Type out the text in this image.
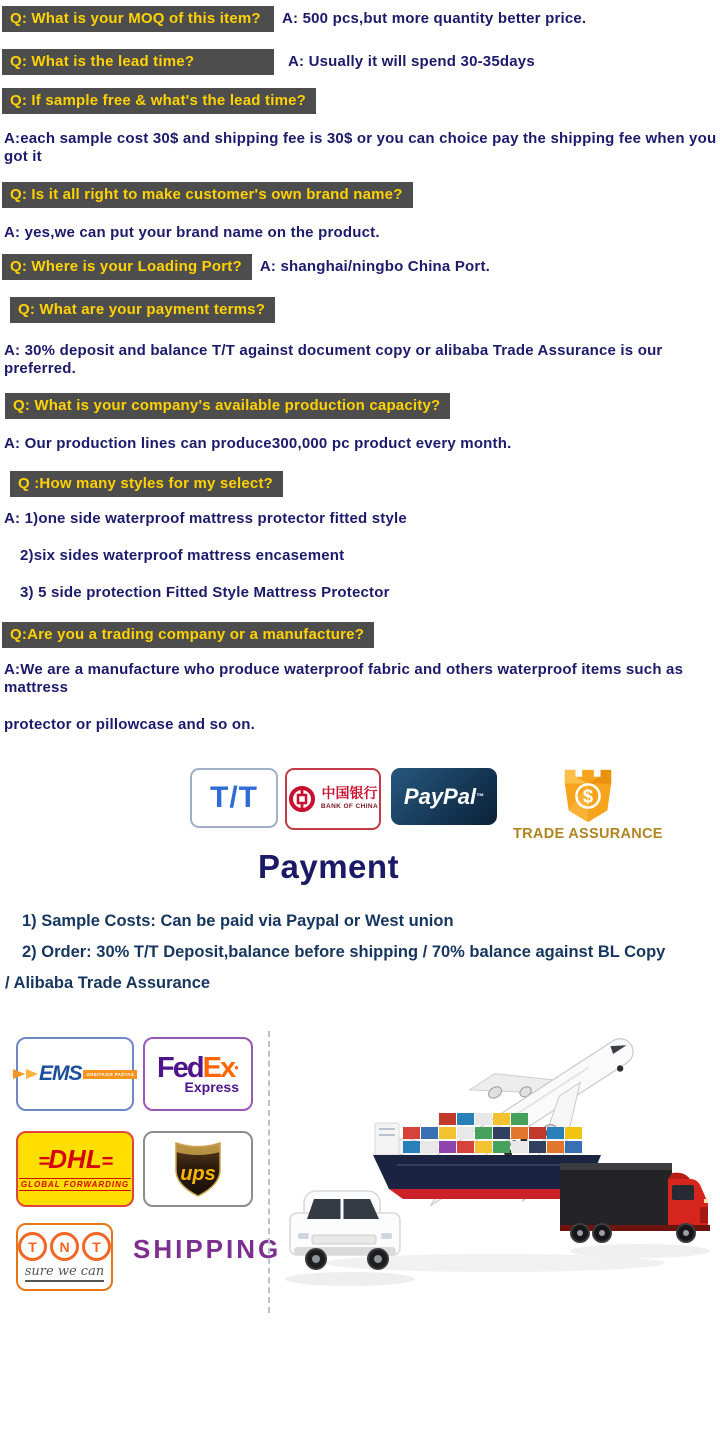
Q: What is your MOQ of this item?	A: 500 pcs,but more quantity better price.
Q: What is the lead time?	A: Usually it will spend 30-35days
Q: If sample free & what's the lead time?
A:each sample cost 30$ and shipping fee is 30$ or you can choice pay the shipping fee when you got it
Q: Is it all right to make customer's own brand name?
A: yes,we can put your brand name on the product.
Q: Where is your Loading Port?	A: shanghai/ningbo China Port.
Q: What are your payment terms?
A: 30% deposit and balance T/T against document copy or alibaba Trade Assurance is our preferred.
Q: What is your company's available production capacity?
A: Our production lines can produce300,000 pc product every month.
Q :How many styles for my select?
A: 1)one side waterproof mattress protector fitted style
2)six sides waterproof mattress encasement
3) 5 side protection Fitted Style Mattress Protector
Q:Are you a trading company or a manufacture?
A:We are a manufacture who produce waterproof fabric and others waterproof items such as mattress
protector or pillowcase and so on.
T/T	中国银行
BANK OF CHINA PayPal ™	$
TRADE ASSURANCE
Payment
1) Sample Costs: Can be paid via Paypal or West union
2) Order: 30% T/T Deposit,balance before shipping / 70% balance against BL Copy
/ Alibaba Trade Assurance
EMS	GREITASIS PAŠTAS FedEx●
Express
=DHL=
GLOBAL FORWARDING	ups
T	N	T
sure we can
SHIPPING
